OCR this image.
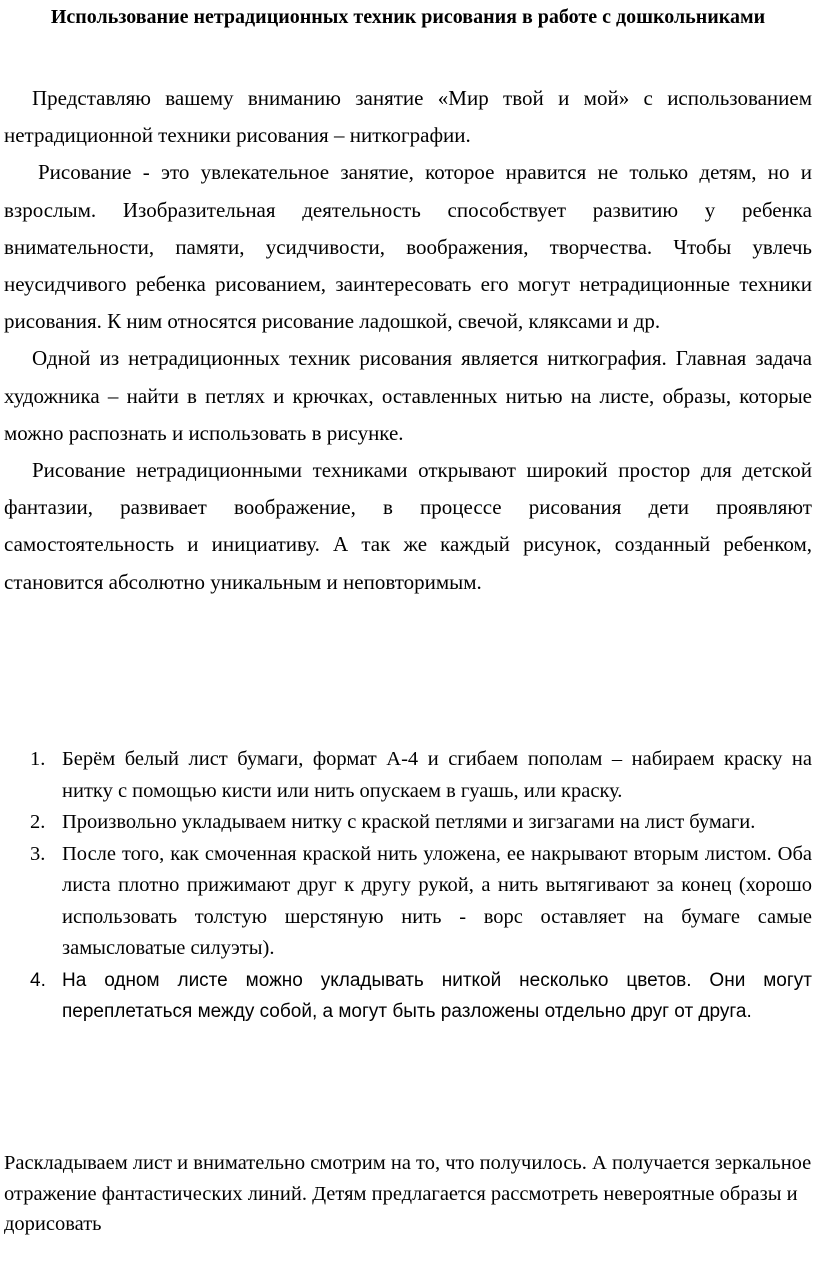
Использование нетрадиционных техник рисования в работе с дошкольниками

Представляю вашему вниманию занятие «Мир твой и мой» с использованием нетрадиционной техники рисования – ниткографии.

Рисование - это увлекательное занятие, которое нравится не только детям, но и взрослым. Изобразительная деятельность способствует развитию у ребенка внимательности, памяти, усидчивости, воображения, творчества. Чтобы увлечь неусидчивого ребенка рисованием, заинтересовать его могут нетрадиционные техники рисования. К ним относятся рисование ладошкой, свечой, кляксами и др.

Одной из нетрадиционных техник рисования является ниткография. Главная задача художника – найти в петлях и крючках, оставленных нитью на листе, образы, которые можно распознать и использовать в рисунке.

Рисование нетрадиционными техниками открывают широкий простор для детской фантазии, развивает воображение, в процессе рисования дети проявляют самостоятельность и инициативу. А так же каждый рисунок, созданный ребенком, становится абсолютно уникальным и неповторимым.

1. Берём белый лист бумаги, формат А-4 и сгибаем пополам – набираем краску на нитку с помощью кисти или нить опускаем в гуашь, или краску.
2. Произвольно укладываем нитку с краской петлями и зигзагами на лист бумаги.
3. После того, как смоченная краской нить уложена, ее накрывают вторым листом. Оба листа плотно прижимают друг к другу рукой, а нить вытягивают за конец (хорошо использовать толстую шерстяную нить - ворс оставляет на бумаге самые замысловатые силуэты).
4. На одном листе можно укладывать ниткой несколько цветов. Они могут переплетаться между собой, а могут быть разложены отдельно друг от друга.

Раскладываем лист и внимательно смотрим на то, что получилось. А получается зеркальное отражение фантастических линий. Детям предлагается рассмотреть невероятные образы и дорисовать
